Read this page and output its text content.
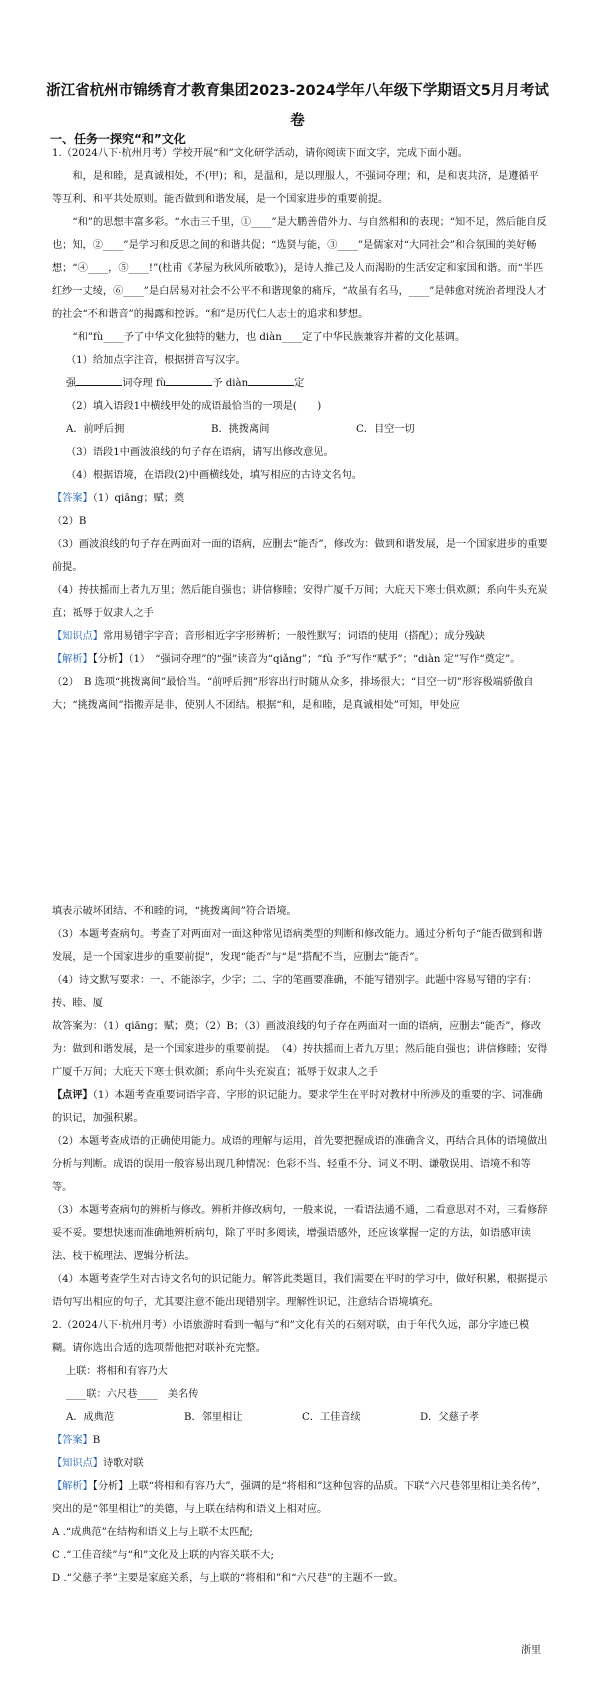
浙江省杭州市锦绣育才教育集团2023-2024学年八年级下学期语文5月月考试
卷
一、任务一探究“和”文化

1.（2024八下·杭州月考）学校开展“和”文化研学活动，请你阅读下面文字，完成下面小题。

和，是和睦，是真诚相处，不(甲)；和，是温和，是以理服人，不强词夺理；和，是和衷共济，是遵循平等互利、和平共处原则。能否做到和谐发展，是一个国家进步的重要前提。

“和”的思想丰富多彩。“水击三千里，①____”是大鹏善借外力、与自然相和的表现；“知不足，然后能自反也；知，②____”是学习和反思之间的和谐共促；“选贤与能，③____”是儒家对“大同社会”和合氛围的美好畅想；“④____，⑤____!”(杜甫《茅屋为秋风所破歌》)，是诗人推己及人而渴盼的生活安定和家国和谐。而“半匹红纱一丈绫，⑥____”是白居易对社会不公平不和谐现象的痛斥，“故虽有名马，____”是韩愈对统治者埋没人才的社会“不和谐音”的揭露和控诉。“和”是历代仁人志士的追求和梦想。

“和”fù____予了中华文化独特的魅力，也 diàn____定了中华民族兼容并蓄的文化基调。

（1）给加点字注音，根据拼音写汉字。

强	词夺理 fù	予 diàn	定

（2）填入语段1中横线甲处的成语最恰当的一项是(　　)

A．前呼后拥	B．挑拨离间	C．目空一切

（3）语段1中画波浪线的句子存在语病，请写出修改意见。

（4）根据语境，在语段(2)中画横线处，填写相应的古诗文名句。

【答案】（1）qiāng；赋；奠

（2）B

（3）画波浪线的句子存在两面对一面的语病，应删去“能否”，修改为：做到和谐发展，是一个国家进步的重要前提。

（4）抟扶摇而上者九万里；然后能自强也；讲信修睦；安得广厦千万间；大庇天下寒士俱欢颜；系向牛头充炭直；祗辱于奴隶人之手

【知识点】常用易错字字音；音形相近字字形辨析；一般性默写；词语的使用（搭配）；成分残缺

【解析】【分析】（1）　“强词夺理”的“强”读音为“qiǎng”；“fù 予”写作“赋予”；“diàn 定”写作“奠定”。

（2）　B 选项“挑拨离间”最恰当。“前呼后拥”形容出行时随从众多，排场很大；“目空一切”形容极端骄傲自大；“挑拨离间”指搬弄是非，使别人不团结。根据“和，是和睦，是真诚相处”可知，甲处应

填表示破坏团结、不和睦的词，“挑拨离间”符合语境。

（3）本题考查病句。考查了对两面对一面这种常见语病类型的判断和修改能力。通过分析句子“能否做到和谐发展，是一个国家进步的重要前提”，发现“能否”与“是”搭配不当，应删去“能否”。

（4）诗文默写要求：一、不能添字，少字；二、字的笔画要准确，不能写错别字。此题中容易写错的字有：抟、睦、厦

故答案为：（1）qiāng；赋；奠；（2）B；（3）画波浪线的句子存在两面对一面的语病，应删去“能否”，修改为：做到和谐发展，是一个国家进步的重要前提。　（4）抟扶摇而上者九万里；然后能自强也；讲信修睦；安得广厦千万间；大庇天下寒士俱欢颜；系向牛头充炭直；祗辱于奴隶人之手

【点评】（1）本题考查重要词语字音、字形的识记能力。要求学生在平时对教材中所涉及的重要的字、词准确的识记，加强积累。

（2）本题考查成语的正确使用能力。成语的理解与运用，首先要把握成语的准确含义，再结合具体的语境做出分析与判断。成语的误用一般容易出现几种情况：色彩不当、轻重不分、词义不明、谦敬误用、语境不和等等。

（3）本题考查病句的辨析与修改。辨析并修改病句，一般来说，一看语法通不通，二看意思对不对，三看修辞妥不妥。要想快速而准确地辨析病句，除了平时多阅读，增强语感外，还应该掌握一定的方法，如语感审读法、枝干梳理法、逻辑分析法。

（4）本题考查学生对古诗文名句的识记能力。解答此类题目，我们需要在平时的学习中，做好积累，根据提示语句写出相应的句子，尤其要注意不能出现错别字。理解性识记，注意结合语境填充。

2.（2024八下·杭州月考）小语旅游时看到一幅与“和”文化有关的石刻对联，由于年代久远，部分字迹已模糊。请你选出合适的选项帮他把对联补充完整。

上联：将相和有容乃大

____联：六尺巷____　美名传

A．成典范	B．邻里相让	C．工佳音续	D．父慈子孝

【答案】B

【知识点】诗歌对联

【解析】【分析】上联“将相和有容乃大”，强调的是“将相和”这种包容的品质。下联“六尺巷邻里相让美名传”，突出的是“邻里相让”的美德，与上联在结构和语义上相对应。

A .“成典范”在结构和语义上与上联不太匹配;

C .“工佳音续”与“和”文化及上联的内容关联不大;

D .“父慈子孝”主要是家庭关系，与上联的“将相和”和“六尺巷”的主题不一致。

浙里
